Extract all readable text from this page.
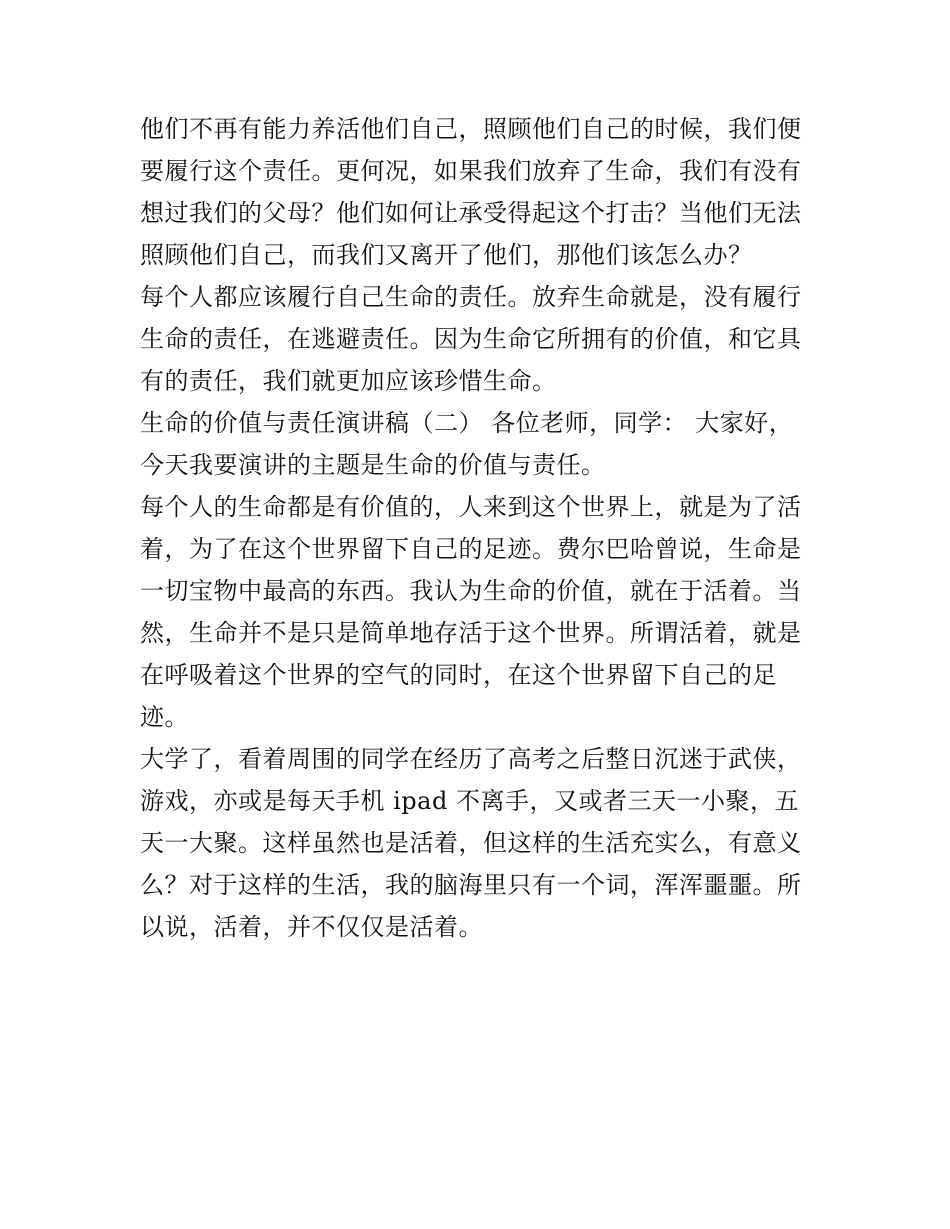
他们不再有能力养活他们自己，照顾他们自己的时候，我们便
要履行这个责任。更何况，如果我们放弃了生命，我们有没有
想过我们的父母？他们如何让承受得起这个打击？当他们无法
照顾他们自己，而我们又离开了他们，那他们该怎么办？
每个人都应该履行自己生命的责任。放弃生命就是，没有履行
生命的责任，在逃避责任。因为生命它所拥有的价值，和它具
有的责任，我们就更加应该珍惜生命。
生命的价值与责任演讲稿（二） 各位老师，同学： 大家好，
今天我要演讲的主题是生命的价值与责任。
每个人的生命都是有价值的，人来到这个世界上，就是为了活
着，为了在这个世界留下自己的足迹。费尔巴哈曾说，生命是
一切宝物中最高的东西。我认为生命的价值，就在于活着。当
然，生命并不是只是简单地存活于这个世界。所谓活着，就是
在呼吸着这个世界的空气的同时，在这个世界留下自己的足
迹。
大学了，看着周围的同学在经历了高考之后整日沉迷于武侠，
游戏，亦或是每天手机 ipad 不离手，又或者三天一小聚，五
天一大聚。这样虽然也是活着，但这样的生活充实么，有意义
么？对于这样的生活，我的脑海里只有一个词，浑浑噩噩。所
以说，活着，并不仅仅是活着。
